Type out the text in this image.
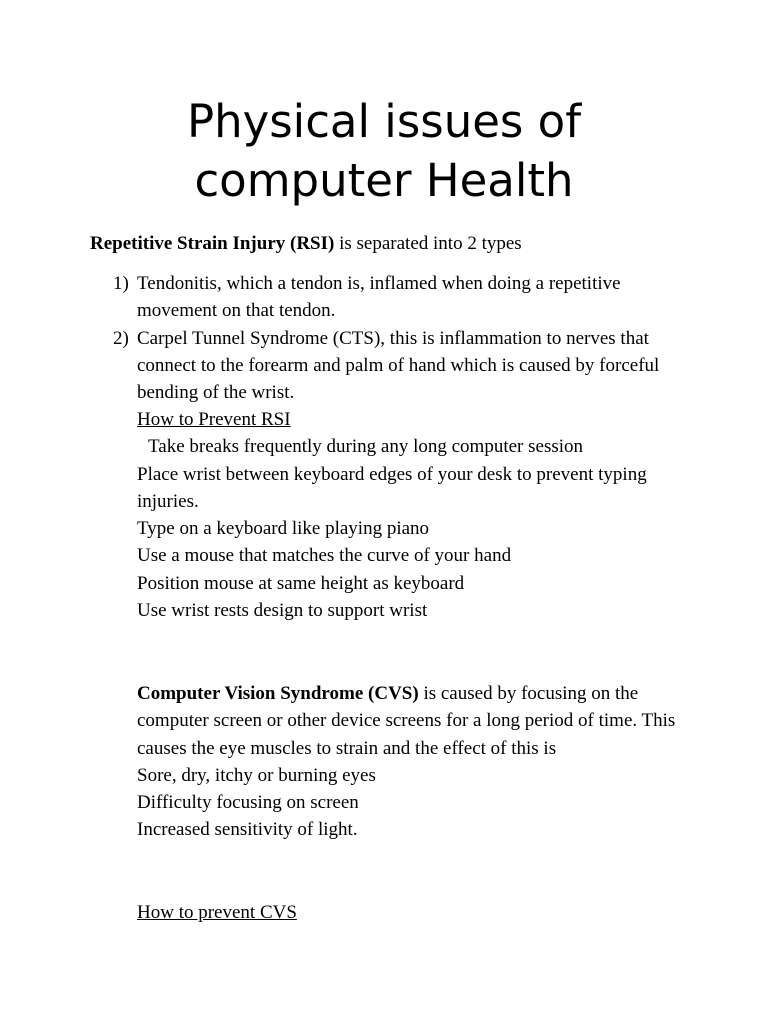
Physical issues of
computer Health
Repetitive Strain Injury (RSI) is separated into 2 types
1) Tendonitis, which a tendon is, inflamed when doing a repetitive movement on that tendon.
2) Carpel Tunnel Syndrome (CTS), this is inflammation to nerves that connect to the forearm and palm of hand which is caused by forceful bending of the wrist.

How to Prevent RSI

Take breaks frequently during any long computer session

Place wrist between keyboard edges of your desk to prevent typing injuries.

Type on a keyboard like playing piano

Use a mouse that matches the curve of your hand

Position mouse at same height as keyboard

Use wrist rests design to support wrist

Computer Vision Syndrome (CVS) is caused by focusing on the computer screen or other device screens for a long period of time. This causes the eye muscles to strain and the effect of this is

Sore, dry, itchy or burning eyes

Difficulty focusing on screen

Increased sensitivity of light.

How to prevent CVS
